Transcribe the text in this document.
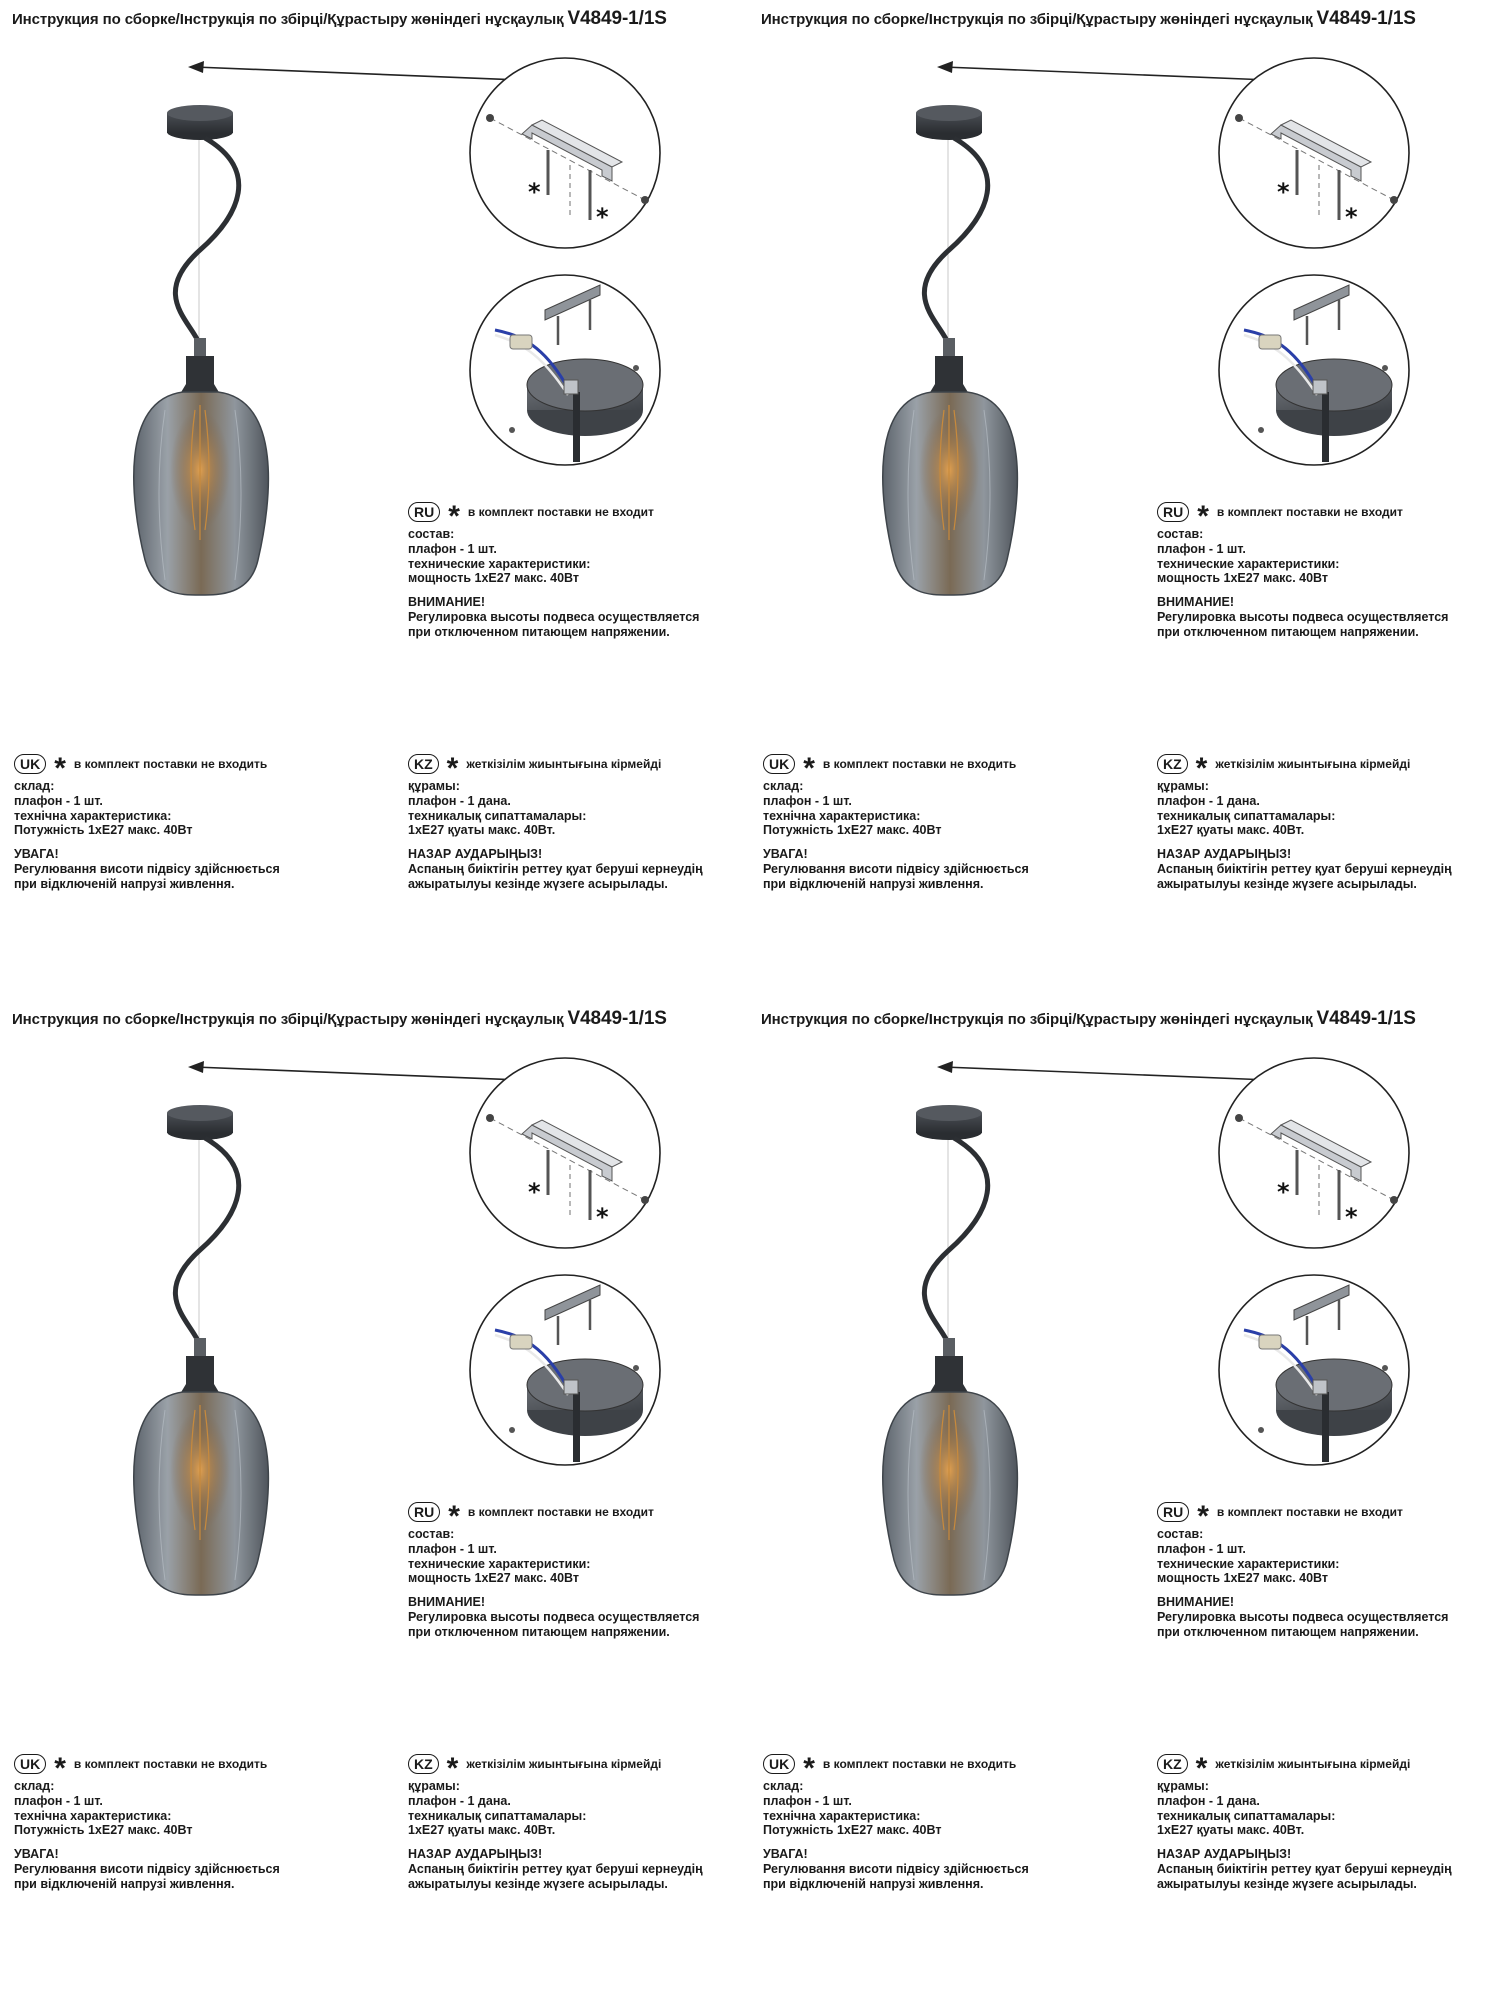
Инструкция по сборке/Інструкція по збірці/Құрастыру жөніндегі нұсқаулық V4849-1/1S
*
*
RU * в комплект поставки не входит
состав:
плафон - 1 шт.
технические характеристики:
мощность 1хЕ27 макс. 40Вт
ВНИМАНИЕ!
Регулировка высоты подвеса осуществляется
при отключенном питающем напряжении.
UK * в комплект поставки не входить
склад:
плафон - 1 шт.
технічна характеристика:
Потужність 1хЕ27 макс. 40Вт
УВАГА!
Регулювання висоти підвісу здійснюється
при відключеній напрузі живлення.
KZ * жеткізілім жиынтығына кірмейді
құрамы:
плафон - 1 дана.
техникалық сипаттамалары:
1хЕ27 қуаты макс. 40Вт.
НАЗАР АУДАРЫҢЫЗ!
Аспаның биіктігін реттеу қуат беруші кернеудің
ажыратылуы кезінде жүзеге асырылады.
Инструкция по сборке/Інструкція по збірці/Құрастыру жөніндегі нұсқаулық V4849-1/1S
*
*
RU * в комплект поставки не входит
состав:
плафон - 1 шт.
технические характеристики:
мощность 1хЕ27 макс. 40Вт
ВНИМАНИЕ!
Регулировка высоты подвеса осуществляется
при отключенном питающем напряжении.
UK * в комплект поставки не входить
склад:
плафон - 1 шт.
технічна характеристика:
Потужність 1хЕ27 макс. 40Вт
УВАГА!
Регулювання висоти підвісу здійснюється
при відключеній напрузі живлення.
KZ * жеткізілім жиынтығына кірмейді
құрамы:
плафон - 1 дана.
техникалық сипаттамалары:
1хЕ27 қуаты макс. 40Вт.
НАЗАР АУДАРЫҢЫЗ!
Аспаның биіктігін реттеу қуат беруші кернеудің
ажыратылуы кезінде жүзеге асырылады.
Инструкция по сборке/Інструкція по збірці/Құрастыру жөніндегі нұсқаулық V4849-1/1S
*
*
RU * в комплект поставки не входит
состав:
плафон - 1 шт.
технические характеристики:
мощность 1хЕ27 макс. 40Вт
ВНИМАНИЕ!
Регулировка высоты подвеса осуществляется
при отключенном питающем напряжении.
UK * в комплект поставки не входить
склад:
плафон - 1 шт.
технічна характеристика:
Потужність 1хЕ27 макс. 40Вт
УВАГА!
Регулювання висоти підвісу здійснюється
при відключеній напрузі живлення.
KZ * жеткізілім жиынтығына кірмейді
құрамы:
плафон - 1 дана.
техникалық сипаттамалары:
1хЕ27 қуаты макс. 40Вт.
НАЗАР АУДАРЫҢЫЗ!
Аспаның биіктігін реттеу қуат беруші кернеудің
ажыратылуы кезінде жүзеге асырылады.
Инструкция по сборке/Інструкція по збірці/Құрастыру жөніндегі нұсқаулық V4849-1/1S
*
*
RU * в комплект поставки не входит
состав:
плафон - 1 шт.
технические характеристики:
мощность 1хЕ27 макс. 40Вт
ВНИМАНИЕ!
Регулировка высоты подвеса осуществляется
при отключенном питающем напряжении.
UK * в комплект поставки не входить
склад:
плафон - 1 шт.
технічна характеристика:
Потужність 1хЕ27 макс. 40Вт
УВАГА!
Регулювання висоти підвісу здійснюється
при відключеній напрузі живлення.
KZ * жеткізілім жиынтығына кірмейді
құрамы:
плафон - 1 дана.
техникалық сипаттамалары:
1хЕ27 қуаты макс. 40Вт.
НАЗАР АУДАРЫҢЫЗ!
Аспаның биіктігін реттеу қуат беруші кернеудің
ажыратылуы кезінде жүзеге асырылады.
